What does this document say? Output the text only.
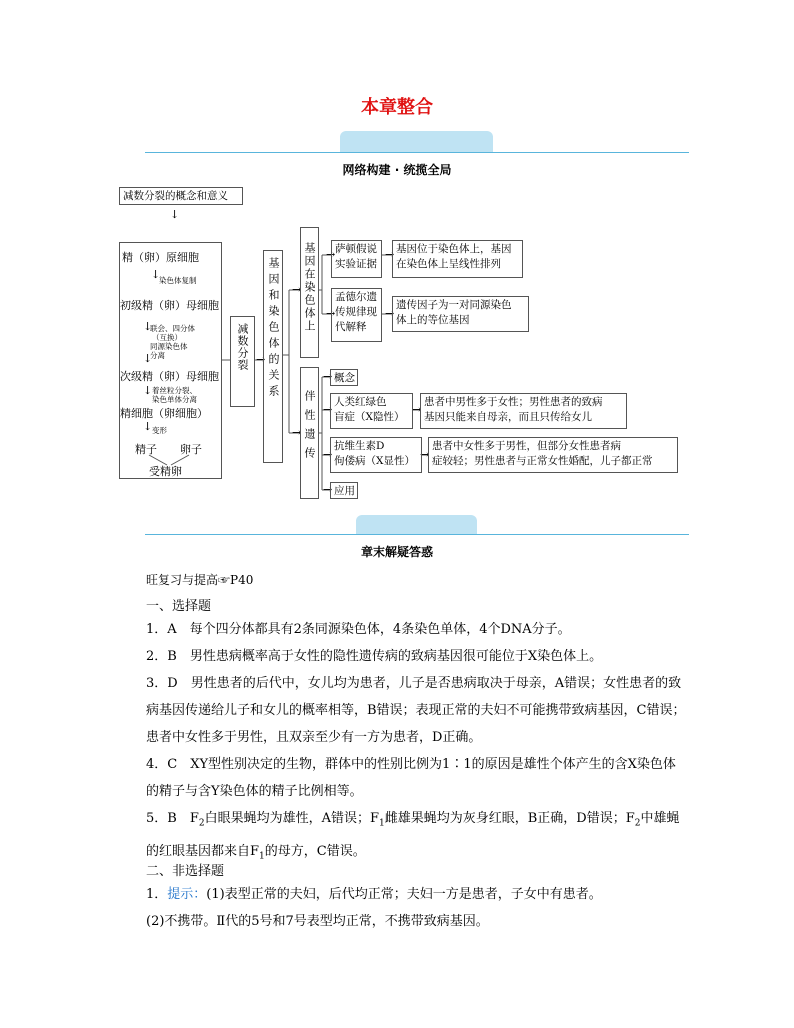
本章整合
网络构建 · 统揽全局
→
→
→
→
→
→
→
→
→
→
→
→
→
减数分裂的概念和意义
↓
精（卵）原细胞
↓
染色体复制
初级精（卵）母细胞
↓
联会、四分体
（互换）
同源染色体
分离
↓
次级精（卵）母细胞
↓ 着丝粒分裂、
染色单体分离
精细胞（卵细胞）
↓ 变形
精子 卵子
受精卵
减数分裂	基因和染色体的关系 基因在染色体上 萨顿假说
实验证据
基因位于染色体上，基因
在染色体上呈线性排列
孟德尔遗
传规律现
代解释
遗传因子为一对同源染色
体上的等位基因
伴性遗传
概念
人类红绿色
盲症（X隐性）
患者中男性多于女性；男性患者的致病
基因只能来自母亲，而且只传给女儿
抗维生素D
佝偻病（X显性）
患者中女性多于男性，但部分女性患者病
症较轻；男性患者与正常女性婚配，儿子都正常
应用
章末解疑答惑
旺复习与提高☞P40
一、选择题
1．A　每个四分体都具有2条同源染色体，4条染色单体，4个DNA分子。
2．B　男性患病概率高于女性的隐性遗传病的致病基因很可能位于X染色体上。
3．D　男性患者的后代中，女儿均为患者，儿子是否患病取决于母亲，A错误；女性患者的致病基因传递给儿子和女儿的概率相等，B错误；表现正常的夫妇不可能携带致病基因，C错误；患者中女性多于男性，且双亲至少有一方为患者，D正确。
4．C　XY型性别决定的生物，群体中的性别比例为1∶1的原因是雄性个体产生的含X染色体的精子与含Y染色体的精子比例相等。
5．B　$F_2$白眼果蝇均为雄性，A错误；$F_1$雌雄果蝇均为灰身红眼，B正确，D错误；$F_2$中雄蝇的红眼基因都来自$F_1$的母方，C错误。
二、非选择题
1．提示：(1)表型正常的夫妇，后代均正常；夫妇一方是患者，子女中有患者。
(2)不携带。Ⅱ代的5号和7号表型均正常，不携带致病基因。
